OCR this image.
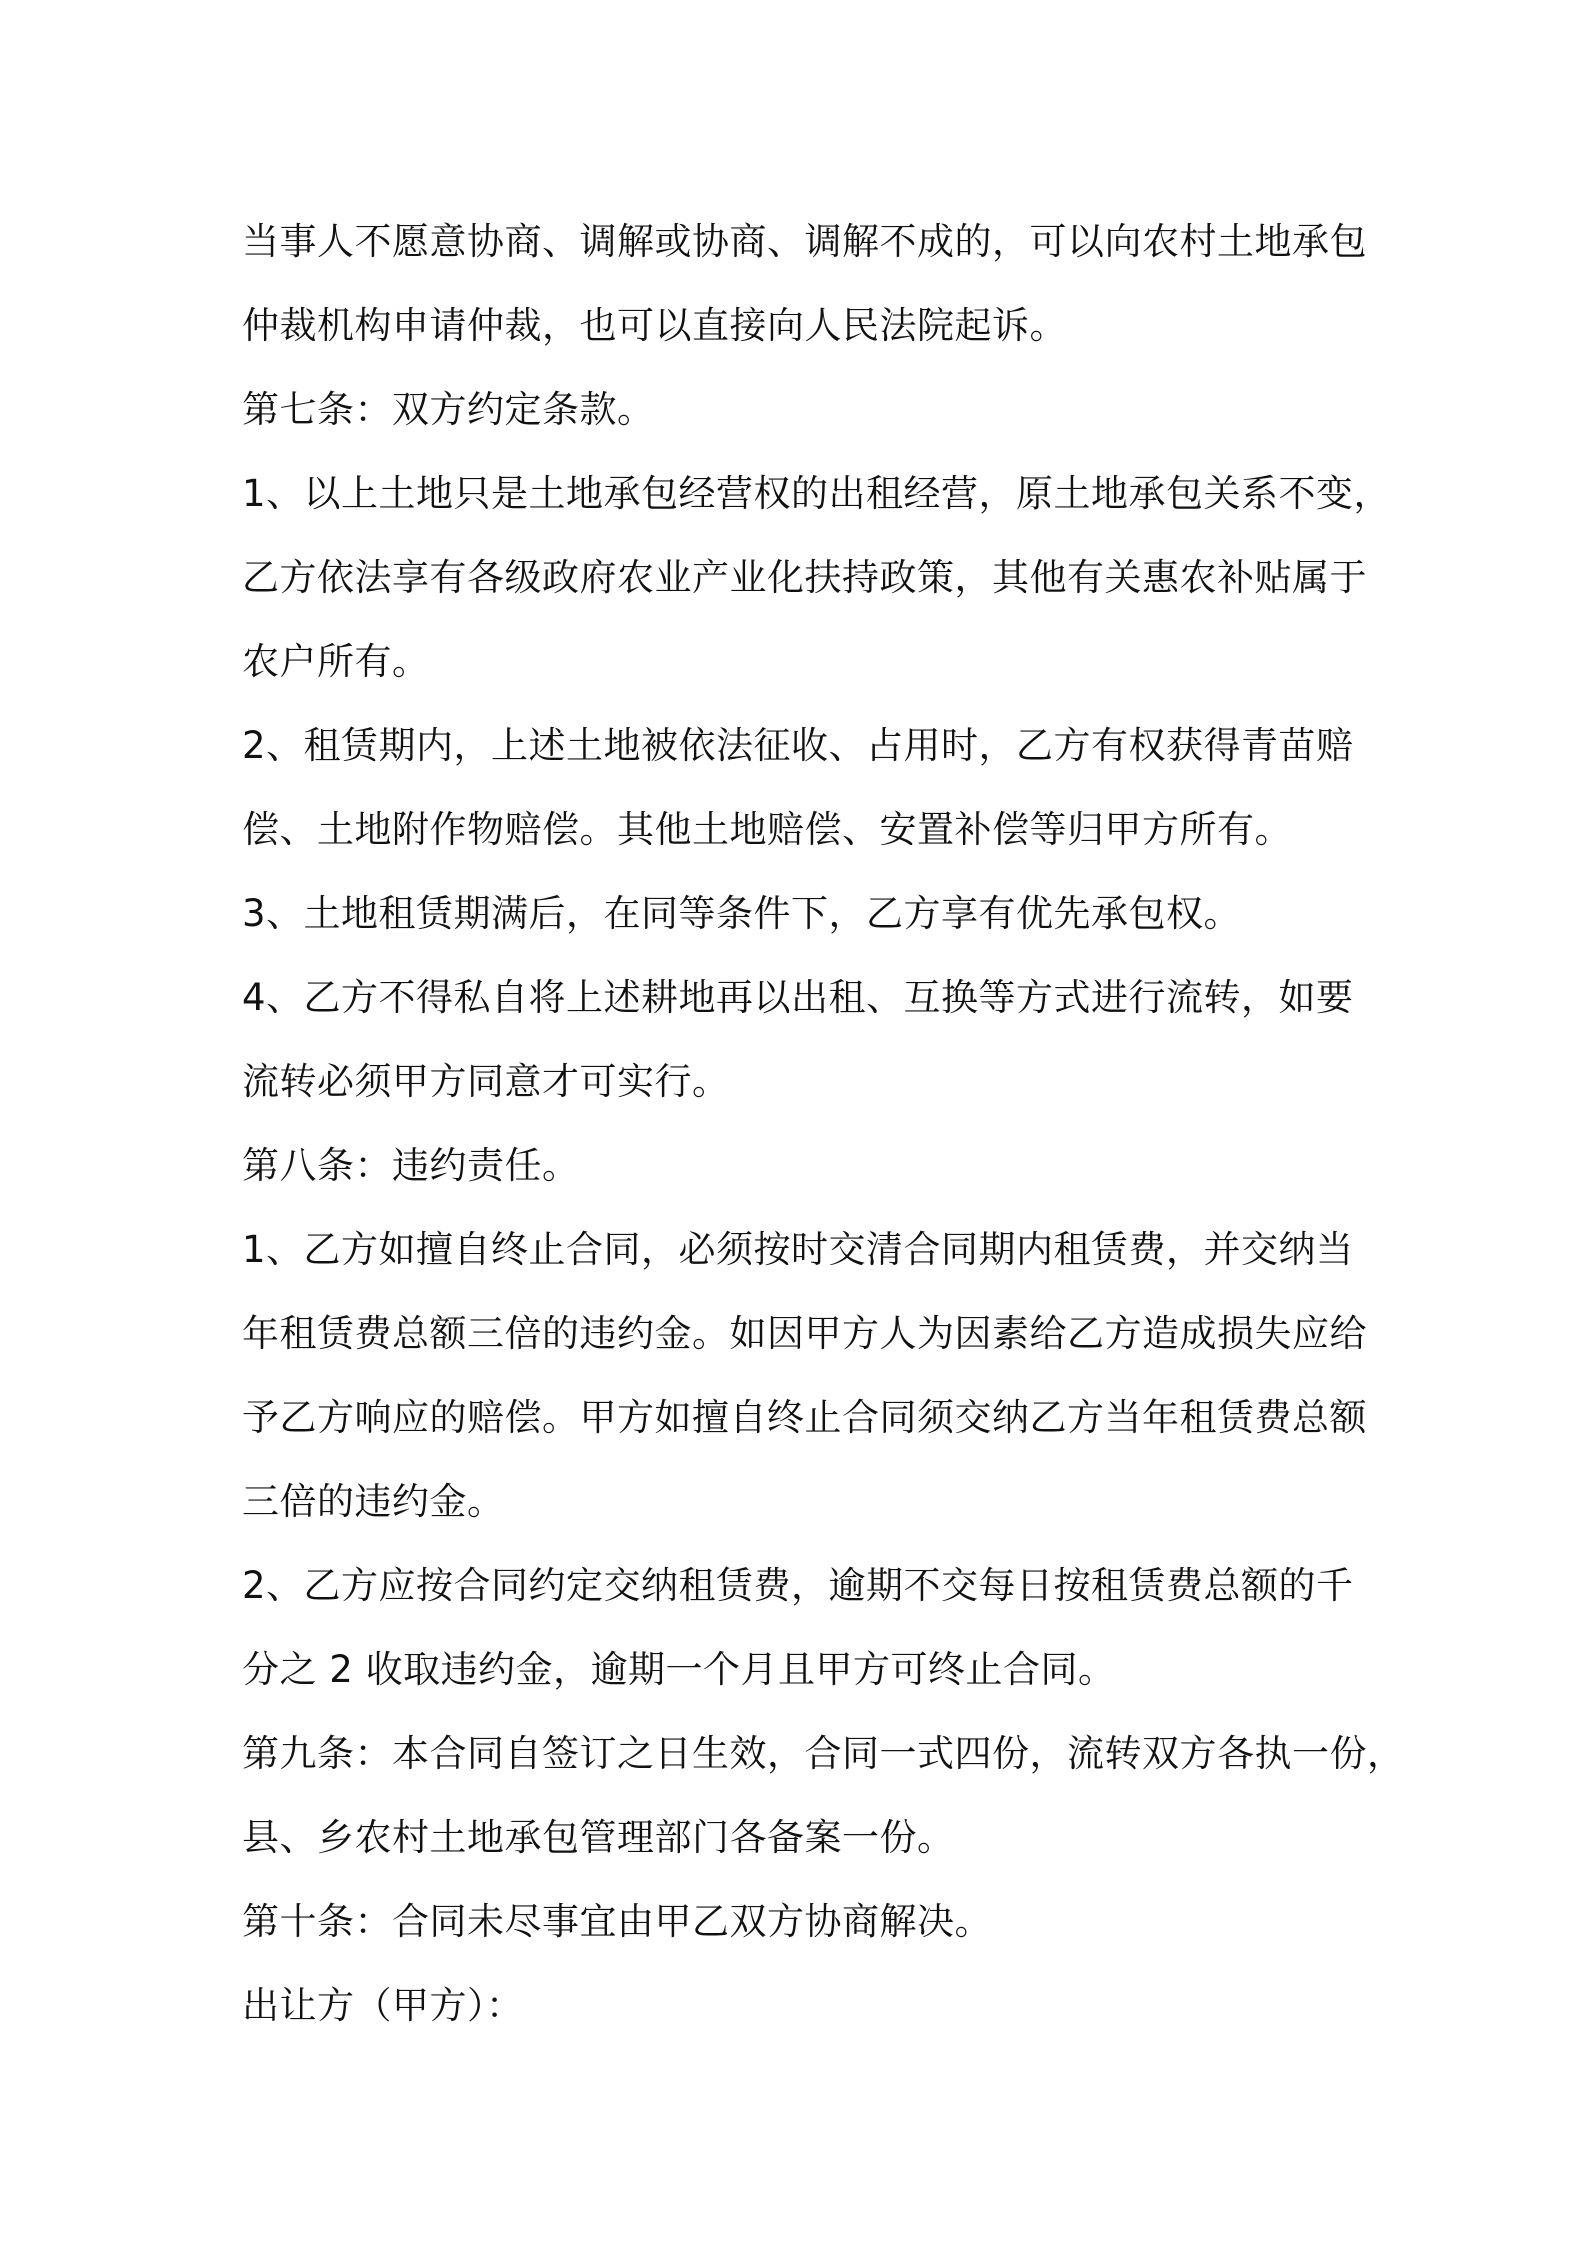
当事人不愿意协商、调解或协商、调解不成的，可以向农村土地承包
仲裁机构申请仲裁，也可以直接向人民法院起诉。
第七条：双方约定条款。
1、以上土地只是土地承包经营权的出租经营，原土地承包关系不变，
乙方依法享有各级政府农业产业化扶持政策，其他有关惠农补贴属于
农户所有。
2、租赁期内，上述土地被依法征收、占用时，乙方有权获得青苗赔
偿、土地附作物赔偿。其他土地赔偿、安置补偿等归甲方所有。
3、土地租赁期满后，在同等条件下，乙方享有优先承包权。
4、乙方不得私自将上述耕地再以出租、互换等方式进行流转，如要
流转必须甲方同意才可实行。
第八条：违约责任。
1、乙方如擅自终止合同，必须按时交清合同期内租赁费，并交纳当
年租赁费总额三倍的违约金。如因甲方人为因素给乙方造成损失应给
予乙方响应的赔偿。甲方如擅自终止合同须交纳乙方当年租赁费总额
三倍的违约金。
2、乙方应按合同约定交纳租赁费，逾期不交每日按租赁费总额的千
分之 2 收取违约金，逾期一个月且甲方可终止合同。
第九条：本合同自签订之日生效，合同一式四份，流转双方各执一份，
县、乡农村土地承包管理部门各备案一份。
第十条：合同未尽事宜由甲乙双方协商解决。
出让方（甲方）：
